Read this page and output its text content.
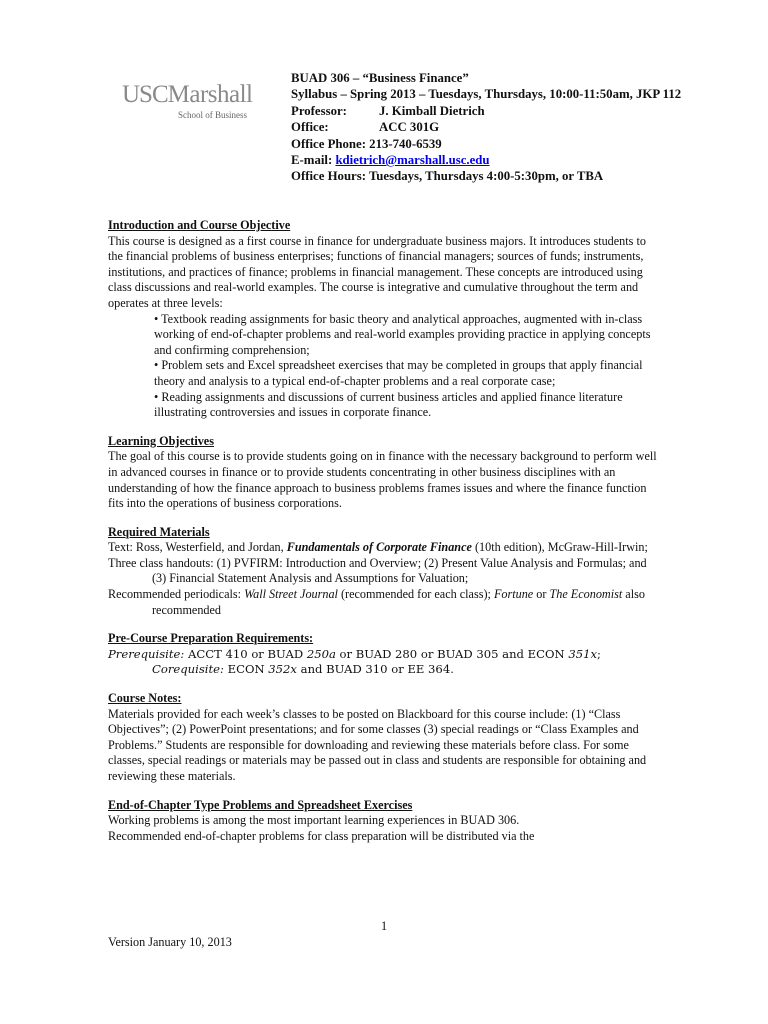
USCMarshall
School of Business
BUAD 306 – “Business Finance”
Syllabus – Spring 2013 – Tuesdays, Thursdays, 10:00-11:50am, JKP 112
Professor:	J. Kimball Dietrich
Office:	ACC 301G
Office Phone: 213-740-6539
E-mail: kdietrich@marshall.usc.edu
Office Hours: Tuesdays, Thursdays 4:00-5:30pm, or TBA
Introduction and Course Objective

This course is designed as a first course in finance for undergraduate business majors. It introduces students to the financial problems of business enterprises; functions of financial managers; sources of funds; instruments, institutions, and practices of finance; problems in financial management. These concepts are introduced using class discussions and real-world examples. The course is integrative and cumulative throughout the term and operates at three levels:

• Textbook reading assignments for basic theory and analytical approaches, augmented with in-class working of end-of-chapter problems and real-world examples providing practice in applying concepts and confirming comprehension;

• Problem sets and Excel spreadsheet exercises that may be completed in groups that apply financial theory and analysis to a typical end-of-chapter problems and a real corporate case;

• Reading assignments and discussions of current business articles and applied finance literature illustrating controversies and issues in corporate finance.

Learning Objectives

The goal of this course is to provide students going on in finance with the necessary background to perform well in advanced courses in finance or to provide students concentrating in other business disciplines with an understanding of how the finance approach to business problems frames issues and where the finance function fits into the operations of business corporations.

Required Materials

Text: Ross, Westerfield, and Jordan, Fundamentals of Corporate Finance (10th edition), McGraw-Hill-Irwin;

Three class handouts: (1) PVFIRM: Introduction and Overview; (2) Present Value Analysis and Formulas; and (3) Financial Statement Analysis and Assumptions for Valuation;

Recommended periodicals: Wall Street Journal (recommended for each class); Fortune or The Economist also recommended

Pre-Course Preparation Requirements:

Prerequisite: ACCT 410 or BUAD 250a or BUAD 280 or BUAD 305 and ECON 351x;

Corequisite: ECON 352x and BUAD 310 or EE 364.

Course Notes:

Materials provided for each week’s classes to be posted on Blackboard for this course include: (1) “Class Objectives”; (2) PowerPoint presentations; and for some classes (3) special readings or “Class Examples and Problems.” Students are responsible for downloading and reviewing these materials before class. For some classes, special readings or materials may be passed out in class and students are responsible for obtaining and reviewing these materials.

End-of-Chapter Type Problems and Spreadsheet Exercises

Working problems is among the most important learning experiences in BUAD 306.

Recommended end-of-chapter problems for class preparation will be distributed via the

1
Version January 10, 2013
